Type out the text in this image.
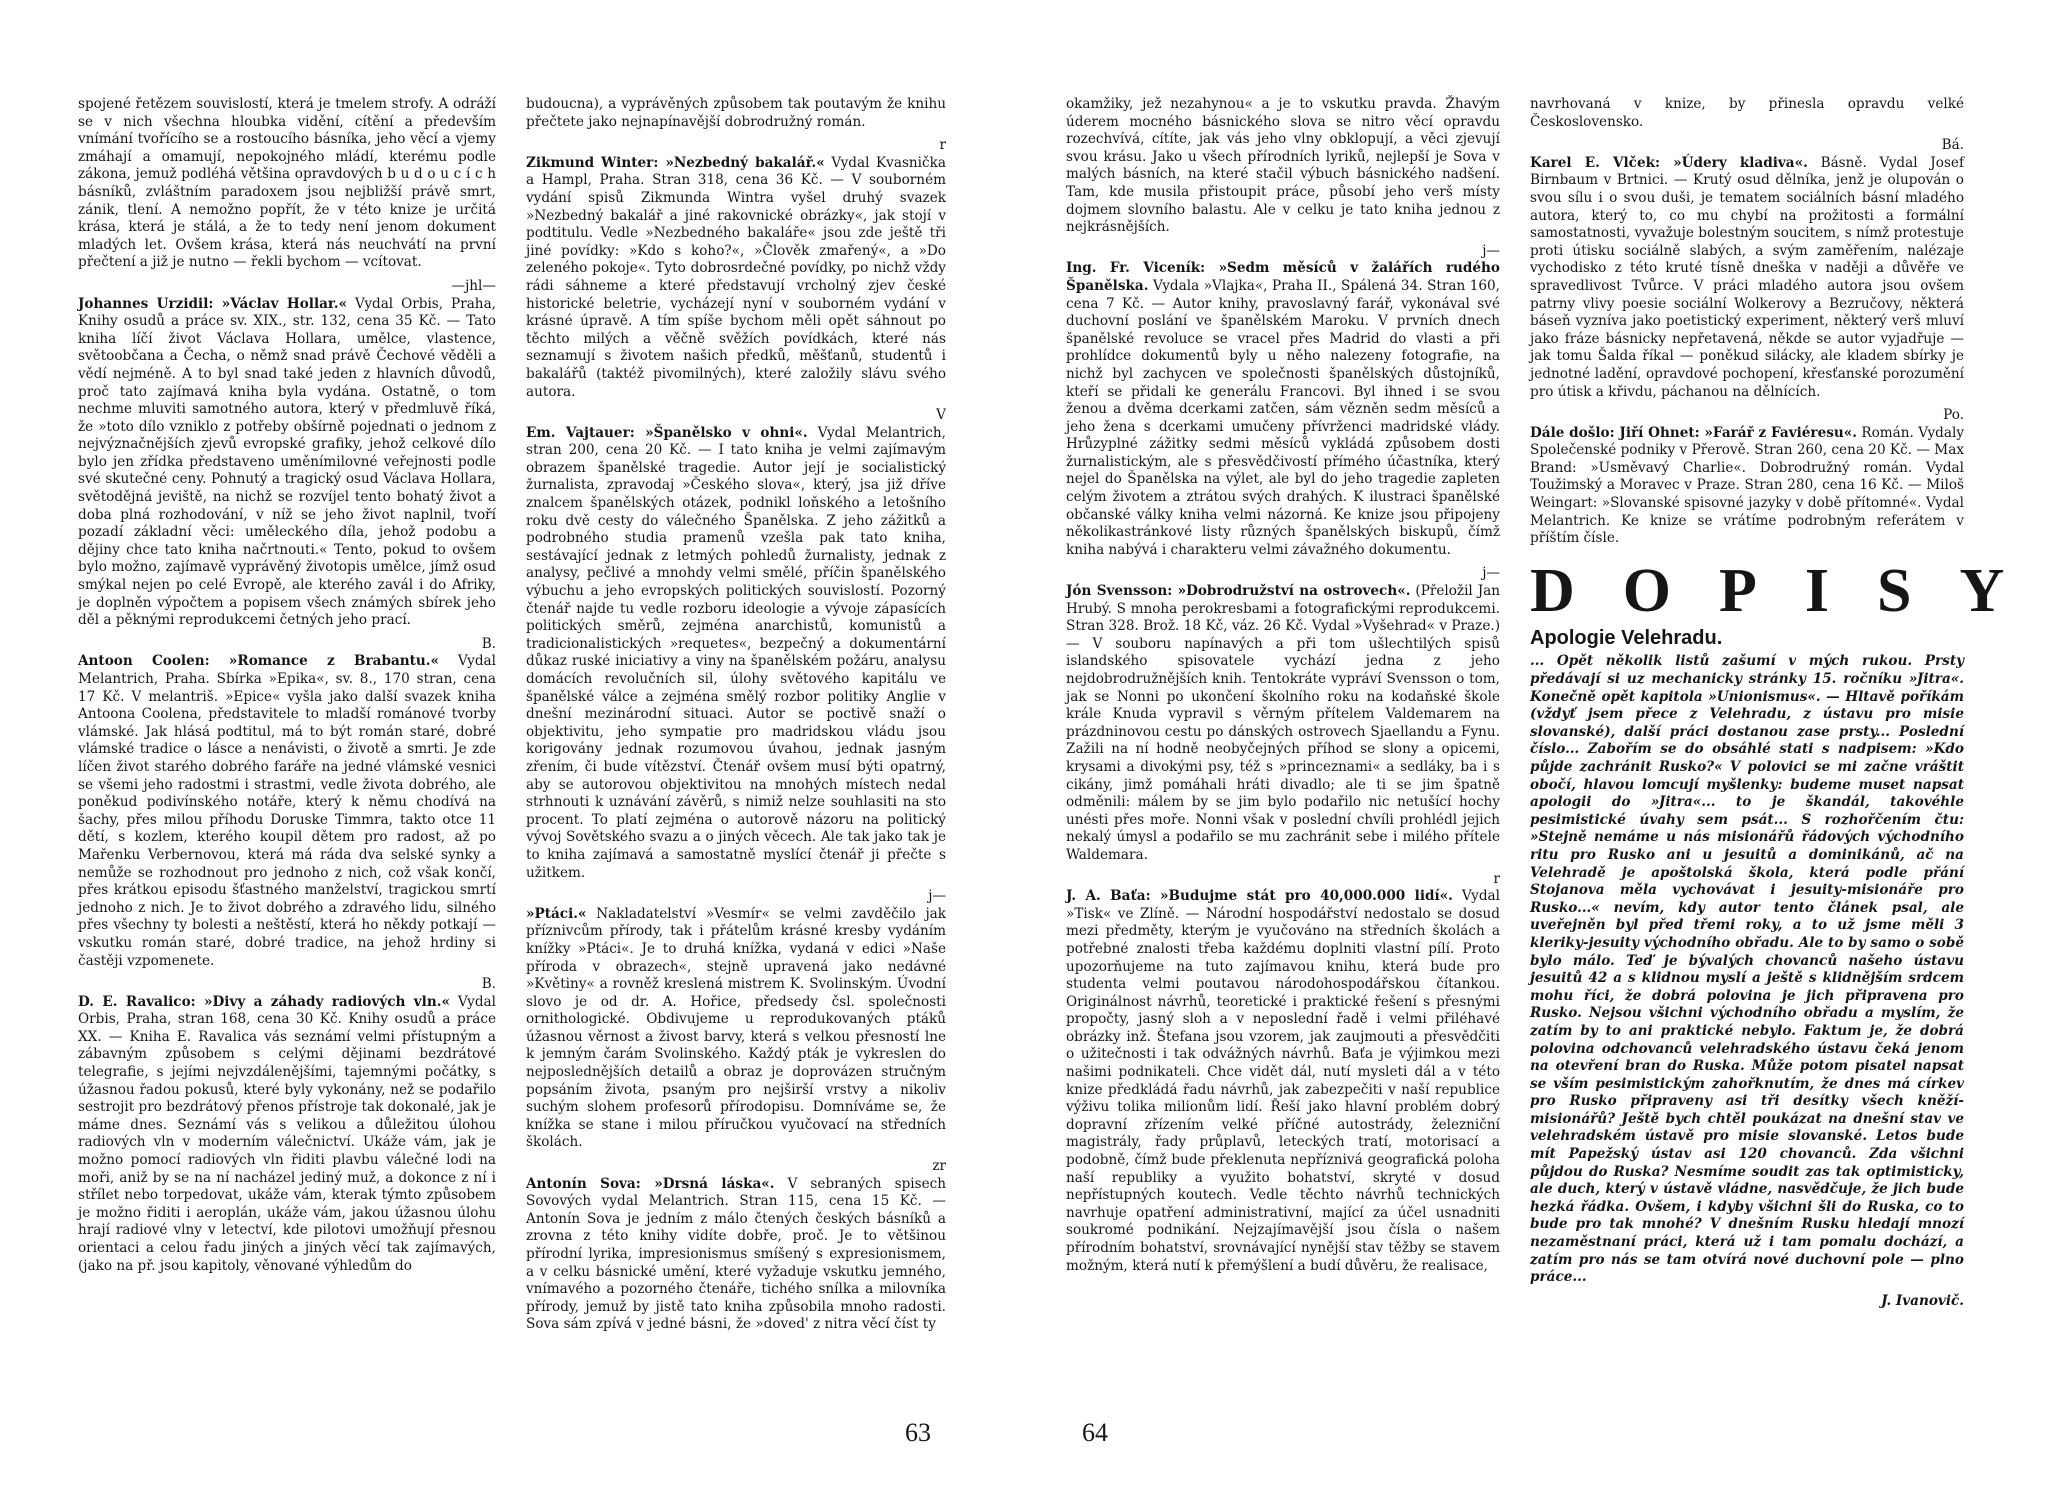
spojené řetězem souvislostí, která je tmelem strofy. A odráží se v nich všechna hloubka vidění, cítění a především vnímání tvořícího se a rostoucího básníka, jeho věcí a vjemy zmáhají a omamují, nepokojného mládí, kterému podle zákona, jemuž podléhá většina opravdových b u d o u c í c h básníků, zvláštním paradoxem jsou nejbližší právě smrt, zánik, tlení. A nemožno popřít, že v této knize je určitá krása, která je stálá, a že to tedy není jenom dokument mladých let. Ovšem krása, která nás neuchvátí na první přečtení a již je nutno — řekli bychom — vcítovat.

—jhl—

Johannes Urzidil: »Václav Hollar.« Vydal Orbis, Praha, Knihy osudů a práce sv. XIX., str. 132, cena 35 Kč. — Tato kniha líčí život Václava Hollara, umělce, vlastence, světoobčana a Čecha, o němž snad právě Čechové věděli a vědí nejméně. A to byl snad také jeden z hlavních důvodů, proč tato zajímavá kniha byla vydána. Ostatně, o tom nechme mluviti samotného autora, který v předmluvě říká, že »toto dílo vzniklo z potřeby obšírně pojednati o jednom z nejvýznačnějších zjevů evropské grafiky, jehož celkové dílo bylo jen zřídka představeno uměnímilovné veřejnosti podle své skutečné ceny. Pohnutý a tragický osud Václava Hollara, světodějná jeviště, na nichž se rozvíjel tento bohatý život a doba plná rozhodování, v níž se jeho život naplnil, tvoří pozadí základní věci: uměleckého díla, jehož podobu a dějiny chce tato kniha načrtnouti.« Tento, pokud to ovšem bylo možno, zajímavě vyprávěný životopis umělce, jímž osud smýkal nejen po celé Evropě, ale kterého zavál i do Afriky, je doplněn výpočtem a popisem všech známých sbírek jeho děl a pěknými reprodukcemi četných jeho prací.

B.

Antoon Coolen: »Romance z Brabantu.« Vydal Melantrich, Praha. Sbírka »Epika«, sv. 8., 170 stran, cena 17 Kč. V melantriš. »Epice« vyšla jako další svazek kniha Antoona Coolena, představitele to mladší románové tvorby vlámské. Jak hlásá podtitul, má to být román staré, dobré vlámské tradice o lásce a nenávisti, o životě a smrti. Je zde líčen život starého dobrého faráře na jedné vlámské vesnici se všemi jeho radostmi i strastmi, vedle života dobrého, ale poněkud podivínského notáře, který k němu chodívá na šachy, přes milou příhodu Doruske Timmra, takto otce 11 dětí, s kozlem, kterého koupil dětem pro radost, až po Mařenku Verbernovou, která má ráda dva selské synky a nemůže se rozhodnout pro jednoho z nich, což však končí, přes krátkou episodu šťastného manželství, tragickou smrtí jednoho z nich. Je to život dobrého a zdravého lidu, silného přes všechny ty bolesti a neštěstí, která ho někdy potkají — vskutku román staré, dobré tradice, na jehož hrdiny si častěji vzpomenete.

B.

D. E. Ravalico: »Divy a záhady radiových vln.« Vydal Orbis, Praha, stran 168, cena 30 Kč. Knihy osudů a práce XX. — Kniha E. Ravalica vás seznámí velmi přístupným a zábavným způsobem s celými dějinami bezdrátové telegrafie, s jejími nejvzdálenějšími, tajemnými počátky, s úžasnou řadou pokusů, které byly vykonány, než se podařilo sestrojit pro bezdrátový přenos přístroje tak dokonalé, jak je máme dnes. Seznámí vás s velikou a důležitou úlohou radiových vln v moderním válečnictví. Ukáže vám, jak je možno pomocí radiových vln řiditi plavbu válečné lodi na moři, aniž by se na ní nacházel jediný muž, a dokonce z ní i střílet nebo torpedovat, ukáže vám, kterak týmto způsobem je možno řiditi i aeroplán, ukáže vám, jakou úžasnou úlohu hrají radiové vlny v letectví, kde pilotovi umožňují přesnou orientaci a celou řadu jiných a jiných věcí tak zajímavých, (jako na př. jsou kapitoly, věnované výhledům do

budoucna), a vyprávěných způsobem tak poutavým že knihu přečtete jako nejnapínavější dobrodružný román.

r

Zikmund Winter: »Nezbedný bakalář.« Vydal Kvasnička a Hampl, Praha. Stran 318, cena 36 Kč. — V souborném vydání spisů Zikmunda Wintra vyšel druhý svazek »Nezbedný bakalář a jiné rakovnické obrázky«, jak stojí v podtitulu. Vedle »Nezbedného bakaláře« jsou zde ještě tři jiné povídky: »Kdo s koho?«, »Člověk zmařený«, a »Do zeleného pokoje«. Tyto dobrosrdečné povídky, po nichž vždy rádi sáhneme a které představují vrcholný zjev české historické beletrie, vycházejí nyní v souborném vydání v krásné úpravě. A tím spíše bychom měli opět sáhnout po těchto milých a věčně svěžích povídkách, které nás seznamují s životem našich předků, měšťanů, studentů i bakalářů (taktéž pivomilných), které založily slávu svého autora.

V

Em. Vajtauer: »Španělsko v ohni«. Vydal Melantrich, stran 200, cena 20 Kč. — I tato kniha je velmi zajímavým obrazem španělské tragedie. Autor její je socialistický žurnalista, zpravodaj »Českého slova«, který, jsa již dříve znalcem španělských otázek, podnikl loňského a letošního roku dvě cesty do válečného Španělska. Z jeho zážitků a podrobného studia pramenů vzešla pak tato kniha, sestávající jednak z letmých pohledů žurnalisty, jednak z analysy, pečlivé a mnohdy velmi smělé, příčin španělského výbuchu a jeho evropských politických souvislostí. Pozorný čtenář najde tu vedle rozboru ideologie a vývoje zápasících politických směrů, zejména anarchistů, komunistů a tradicionalistických »requetes«, bezpečný a dokumentární důkaz ruské iniciativy a viny na španělském požáru, analysu domácích revolučních sil, úlohy světového kapitálu ve španělské válce a zejména smělý rozbor politiky Anglie v dnešní mezinárodní situaci. Autor se poctivě snaží o objektivitu, jeho sympatie pro madridskou vládu jsou korigovány jednak rozumovou úvahou, jednak jasným zřením, či bude vítězství. Čtenář ovšem musí býti opatrný, aby se autorovou objektivitou na mnohých místech nedal strhnouti k uznávání závěrů, s nimiž nelze souhlasiti na sto procent. To platí zejména o autorově názoru na politický vývoj Sovětského svazu a o jiných věcech. Ale tak jako tak je to kniha zajímavá a samostatně myslící čtenář ji přečte s užitkem.

j—

»Ptáci.« Nakladatelství »Vesmír« se velmi zavděčilo jak příznivcům přírody, tak i přátelům krásné kresby vydáním knížky »Ptáci«. Je to druhá knížka, vydaná v edici »Naše příroda v obrazech«, stejně upravená jako nedávné »Květiny« a rovněž kreslená mistrem K. Svolinským. Úvodní slovo je od dr. A. Hořice, předsedy čsl. společnosti ornithologické. Obdivujeme u reprodukovaných ptáků úžasnou věrnost a živost barvy, která s velkou přesností lne k jemným čarám Svolinského. Každý pták je vykreslen do nejposlednějších detailů a obraz je doprovázen stručným popsáním života, psaným pro nejširší vrstvy a nikoliv suchým slohem profesorů přírodopisu. Domníváme se, že knížka se stane i milou příručkou vyučovací na středních školách.

zr

Antonín Sova: »Drsná láska«. V sebraných spisech Sovových vydal Melantrich. Stran 115, cena 15 Kč. — Antonín Sova je jedním z málo čtených českých básníků a zrovna z této knihy vidíte dobře, proč. Je to většinou přírodní lyrika, impresionismus smíšený s expresionismem, a v celku básnické umění, které vyžaduje vskutku jemného, vnímavého a pozorného čtenáře, tichého snílka a milovníka přírody, jemuž by jistě tato kniha způsobila mnoho radosti. Sova sám zpívá v jedné básni, že »doved' z nitra věcí číst ty

63

okamžiky, jež nezahynou« a je to vskutku pravda. Žhavým úderem mocného básnického slova se nitro věcí opravdu rozechvívá, cítíte, jak vás jeho vlny obklopují, a věci zjevují svou krásu. Jako u všech přírodních lyriků, nejlepší je Sova v malých básních, na které stačil výbuch básnického nadšení. Tam, kde musila přistoupit práce, působí jeho verš místy dojmem slovního balastu. Ale v celku je tato kniha jednou z nejkrásnějších.

j—

Ing. Fr. Viceník: »Sedm měsíců v žalářích rudého Španělska. Vydala »Vlajka«, Praha II., Spálená 34. Stran 160, cena 7 Kč. — Autor knihy, pravoslavný farář, vykonával své duchovní poslání ve španělském Maroku. V prvních dnech španělské revoluce se vracel přes Madrid do vlasti a při prohlídce dokumentů byly u něho nalezeny fotografie, na nichž byl zachycen ve společnosti španělských důstojníků, kteří se přidali ke generálu Francovi. Byl ihned i se svou ženou a dvěma dcerkami zatčen, sám vězněn sedm měsíců a jeho žena s dcerkami umučeny přívrženci madridské vlády. Hrůzyplné zážitky sedmi měsíců vykládá způsobem dosti žurnalistickým, ale s přesvědčivostí přímého účastníka, který nejel do Španělska na výlet, ale byl do jeho tragedie zapleten celým životem a ztrátou svých drahých. K ilustraci španělské občanské války kniha velmi názorná. Ke knize jsou připojeny několikastránkové listy různých španělských biskupů, čímž kniha nabývá i charakteru velmi závažného dokumentu.

j—

Jón Svensson: »Dobrodružství na ostrovech«. (Přeložil Jan Hrubý. S mnoha perokresbami a fotografickými reprodukcemi. Stran 328. Brož. 18 Kč, váz. 26 Kč. Vydal »Vyšehrad« v Praze.) — V souboru napínavých a při tom ušlechtilých spisů islandského spisovatele vychází jedna z jeho nejdobrodružnějších knih. Tentokráte vypráví Svensson o tom, jak se Nonni po ukončení školního roku na kodaňské škole krále Knuda vypravil s věrným přítelem Valdemarem na prázdninovou cestu po dánských ostrovech Sjaellandu a Fynu. Zažili na ní hodně neobyčejných příhod se slony a opicemi, krysami a divokými psy, též s »princeznami« a sedláky, ba i s cikány, jimž pomáhali hráti divadlo; ale ti se jim špatně odměnili: málem by se jim bylo podařilo nic netušící hochy unésti přes moře. Nonni však v poslední chvíli prohlédl jejich nekalý úmysl a podařilo se mu zachránit sebe i milého přítele Waldemara.

r

J. A. Baťa: »Budujme stát pro 40,000.000 lidí«. Vydal »Tisk« ve Zlíně. — Národní hospodářství nedostalo se dosud mezi předměty, kterým je vyučováno na středních školách a potřebné znalosti třeba každému doplniti vlastní pílí. Proto upozorňujeme na tuto zajímavou knihu, která bude pro studenta velmi poutavou národohospodářskou čítankou. Originálnost návrhů, teoretické i praktické řešení s přesnými propočty, jasný sloh a v neposlední řadě i velmi přiléhavé obrázky inž. Štefana jsou vzorem, jak zaujmouti a přesvědčiti o užitečnosti i tak odvážných návrhů. Baťa je výjimkou mezi našimi podnikateli. Chce vidět dál, nutí mysleti dál a v této knize předkládá řadu návrhů, jak zabezpečiti v naší republice výživu tolika milionům lidí. Řeší jako hlavní problém dobrý dopravní zřízením velké příčné autostrády, železniční magistrály, řady průplavů, leteckých tratí, motorisací a podobně, čímž bude překlenuta nepříznivá geografická poloha naší republiky a využito bohatství, skryté v dosud nepřístupných koutech. Vedle těchto návrhů technických navrhuje opatření administrativní, mající za účel usnadniti soukromé podnikání. Nejzajímavější jsou čísla o našem přírodním bohatství, srovnávající nynější stav těžby se stavem možným, která nutí k přemýšlení a budí důvěru, že realisace,

navrhovaná v knize, by přinesla opravdu velké Československo.

Bá.

Karel E. Vlček: »Údery kladiva«. Básně. Vydal Josef Birnbaum v Brtnici. — Krutý osud dělníka, jenž je olupován o svou sílu i o svou duši, je tematem sociálních básní mladého autora, který to, co mu chybí na prožitosti a formální samostatnosti, vyvažuje bolestným soucitem, s nímž protestuje proti útisku sociálně slabých, a svým zaměřením, nalézaje vychodisko z této kruté tísně dneška v naději a důvěře ve spravedlivost Tvůrce. V práci mladého autora jsou ovšem patrny vlivy poesie sociální Wolkerovy a Bezručovy, některá báseň vyzníva jako poetistický experiment, některý verš mluví jako fráze básnicky nepřetavená, někde se autor vyjadřuje — jak tomu Šalda říkal — poněkud silácky, ale kladem sbírky je jednotné ladění, opravdové pochopení, křesťanské porozumění pro útisk a křivdu, páchanou na dělnících.

Po.

Dále došlo: Jiří Ohnet: »Farář z Faviéresu«. Román. Vydaly Společenské podniky v Přerově. Stran 260, cena 20 Kč. — Max Brand: »Usměvavý Charlie«. Dobrodružný román. Vydal Toužimský a Moravec v Praze. Stran 280, cena 16 Kč. — Miloš Weingart: »Slovanské spisovné jazyky v době přítomné«. Vydal Melantrich. Ke knize se vrátíme podrobným referátem v příštím čísle.

DOPISY
Apologie Velehradu.

... Opět několik listů zašumí v mých rukou. Prsty předávají si uz mechanicky stránky 15. ročníku »Jitra«. Konečně opět kapitola »Unionismus«. — Hltavě poříkám (vždyť jsem přece z Velehradu, z ústavu pro misie slovanské), další práci dostanou zase prsty... Poslední číslo... Zabořím se do obsáhlé stati s nadpisem: »Kdo půjde zachránit Rusko?« V polovici se mi začne vráštit obočí, hlavou lomcují myšlenky: budeme muset napsat apologii do »Jitra«... to je škandál, takovéhle pesimistické úvahy sem psát... S rozhořčením čtu: »Stejně nemáme u nás misionářů řádových východního ritu pro Rusko ani u jesuitů a dominikánů, ač na Velehradě je apoštolská škola, která podle přání Stojanova měla vychovávat i jesuity-misionáře pro Rusko...« nevím, kdy autor tento článek psal, ale uveřejněn byl před třemi roky, a to už jsme měli 3 kleriky-jesuity východního obřadu. Ale to by samo o sobě bylo málo. Teď je bývalých chovanců našeho ústavu jesuitů 42 a s klidnou myslí a ještě s klidnějším srdcem mohu říci, že dobrá polovina je jich připravena pro Rusko. Nejsou všichni východního obřadu a myslím, že zatím by to ani praktické nebylo. Faktum je, že dobrá polovina odchovanců velehradského ústavu čeká jenom na otevření bran do Ruska. Může potom pisatel napsat se vším pesimistickým zahořknutím, že dnes má církev pro Rusko připraveny asi tři desítky všech kněží-misionářů? Ještě bych chtěl poukázat na dnešní stav ve velehradském ústavě pro misie slovanské. Letos bude mít Papežský ústav asi 120 chovanců. Zda všichni půjdou do Ruska? Nesmíme soudit zas tak optimisticky, ale duch, který v ústavě vládne, nasvědčuje, že jich bude hezká řádka. Ovšem, i kdyby všichni šli do Ruska, co to bude pro tak mnohé? V dnešním Rusku hledají mnozí nezaměstnaní práci, která už i tam pomalu dochází, a zatím pro nás se tam otvírá nové duchovní pole — plno práce...

J. Ivanovič.
64
